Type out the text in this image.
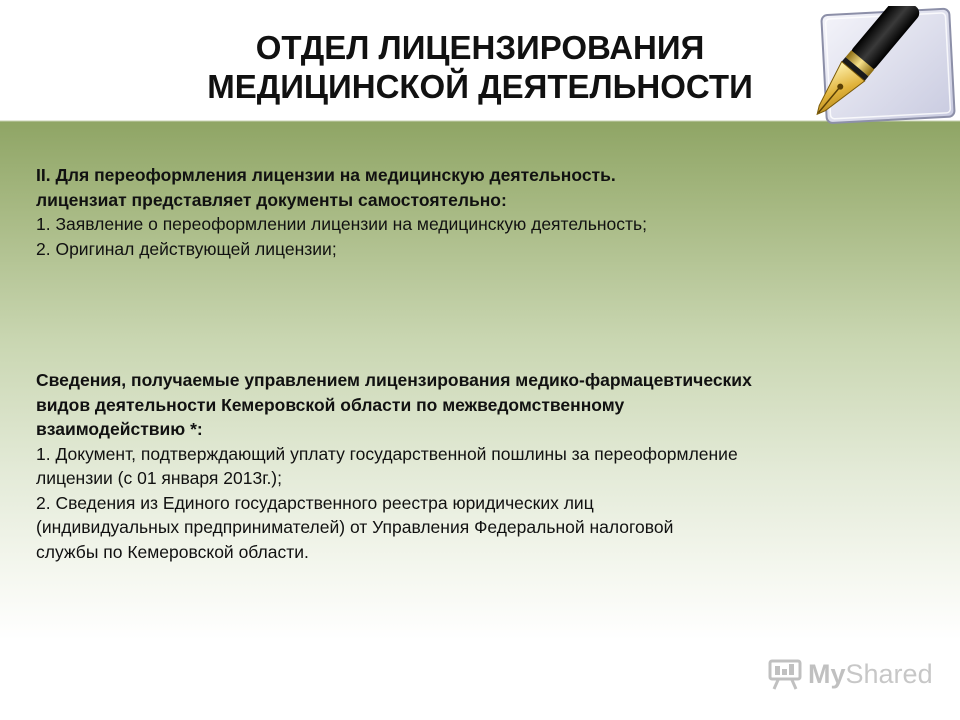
ОТДЕЛ ЛИЦЕНЗИРОВАНИЯ
МЕДИЦИНСКОЙ ДЕЯТЕЛЬНОСТИ

II. Для переоформления лицензии на медицинскую деятельность.

лицензиат представляет документы самостоятельно:

1. Заявление о переоформлении лицензии на медицинскую деятельность;

2. Оригинал действующей лицензии;

Сведения, получаемые управлением лицензирования медико-фармацевтических

видов деятельности Кемеровской области по межведомственному

взаимодействию *:

1. Документ, подтверждающий уплату государственной пошлины за переоформление

лицензии (с 01 января 2013г.);

2. Сведения из Единого государственного реестра юридических лиц

(индивидуальных предпринимателей) от Управления Федеральной налоговой

службы по Кемеровской области.

MyShared
